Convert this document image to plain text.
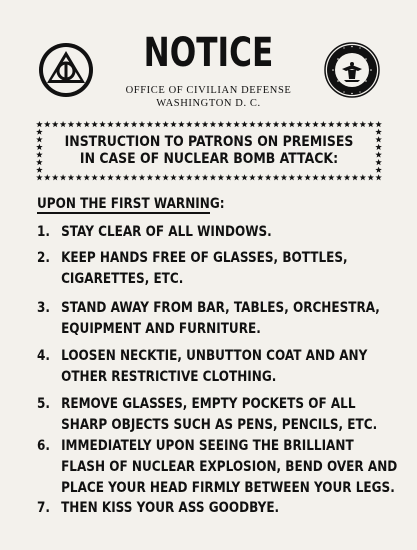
NOTICE
OFFICE OF CIVILIAN DEFENSE
WASHINGTON D. C.
INSTRUCTION TO PATRONS ON PREMISES
IN CASE OF NUCLEAR BOMB ATTACK:
UPON THE FIRST WARNING:
1. STAY CLEAR OF ALL WINDOWS.
2. KEEP HANDS FREE OF GLASSES, BOTTLES,
CIGARETTES, ETC.
3. STAND AWAY FROM BAR, TABLES, ORCHESTRA,
EQUIPMENT AND FURNITURE.
4. LOOSEN NECKTIE, UNBUTTON COAT AND ANY
OTHER RESTRICTIVE CLOTHING.
5. REMOVE GLASSES, EMPTY POCKETS OF ALL
SHARP OBJECTS SUCH AS PENS, PENCILS, ETC.
6. IMMEDIATELY UPON SEEING THE BRILLIANT
FLASH OF NUCLEAR EXPLOSION, BEND OVER AND
PLACE YOUR HEAD FIRMLY BETWEEN YOUR LEGS.
7. THEN KISS YOUR ASS GOODBYE.
